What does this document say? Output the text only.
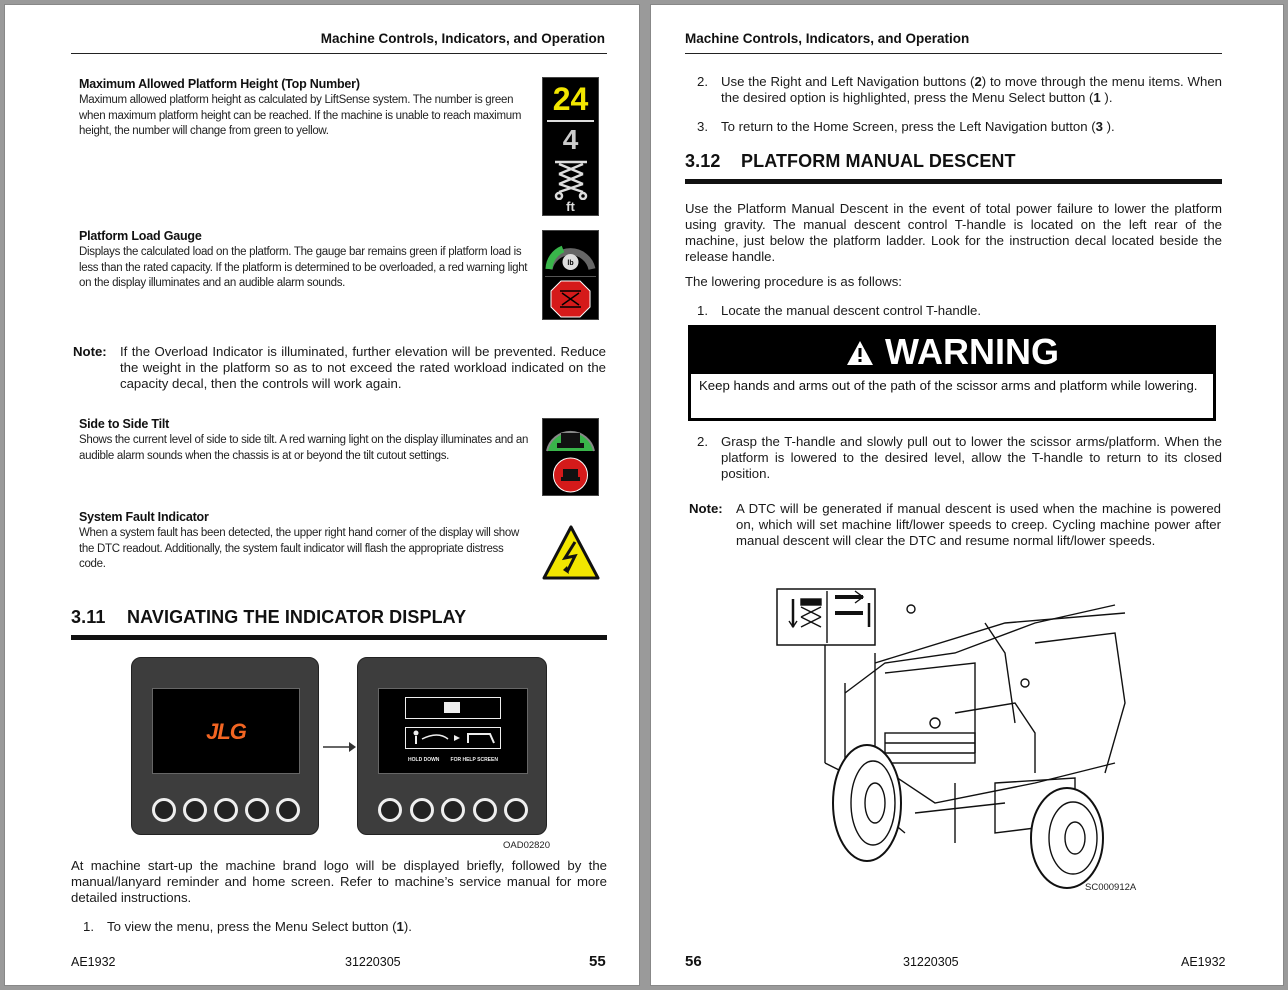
Machine Controls, Indicators, and Operation
Maximum Allowed Platform Height (Top Number)
Maximum allowed platform height as calculated by LiftSense system. The number is green when maximum platform height can be reached. If the machine is unable to reach maximum height, the number will change from green to yellow.
24
4
ft
Platform Load Gauge
Displays the calculated load on the platform. The gauge bar remains green if platform load is less than the rated capacity. If the platform is determined to be overloaded, a red warning light on the display illuminates and an audible alarm sounds.
lb
Note: If the Overload Indicator is illuminated, further elevation will be prevented. Reduce the weight in the platform so as to not exceed the rated workload indicated on the capacity decal, then the controls will work again.
Side to Side Tilt
Shows the current level of side to side tilt. A red warning light on the display illuminates and an audible alarm sounds when the chassis is at or beyond the tilt cutout settings.
System Fault Indicator
When a system fault has been detected, the upper right hand corner of the display will show the DTC readout. Additionally, the system fault indicator will flash the appropriate distress code.
3.11 NAVIGATING THE INDICATOR DISPLAY
JLG
HOLD DOWN FOR HELP SCREEN
OAD02820
At machine start-up the machine brand logo will be displayed briefly, followed by the manual/lanyard reminder and home screen. Refer to machine’s service manual for more detailed instructions.
1. To view the menu, press the Menu Select button (1).
AE1932	31220305	55
Machine Controls, Indicators, and Operation
2. Use the Right and Left Navigation buttons (2) to move through the menu items. When the desired option is highlighted, press the Menu Select button (1 ).
3. To return to the Home Screen, press the Left Navigation button (3 ).
3.12 PLATFORM MANUAL DESCENT
Use the Platform Manual Descent in the event of total power failure to lower the platform using gravity. The manual descent control T-handle is located on the left rear of the machine, just below the platform ladder. Look for the instruction decal located beside the release handle.
The lowering procedure is as follows:
1. Locate the manual descent control T-handle.
WARNING
Keep hands and arms out of the path of the scissor arms and platform while lowering.
2. Grasp the T-handle and slowly pull out to lower the scissor arms/platform. When the platform is lowered to the desired level, allow the T-handle to return to its closed position.
Note: A DTC will be generated if manual descent is used when the machine is powered on, which will set machine lift/lower speeds to creep. Cycling machine power after manual descent will clear the DTC and resume normal lift/lower speeds.
SC000912A
56	31220305	AE1932
